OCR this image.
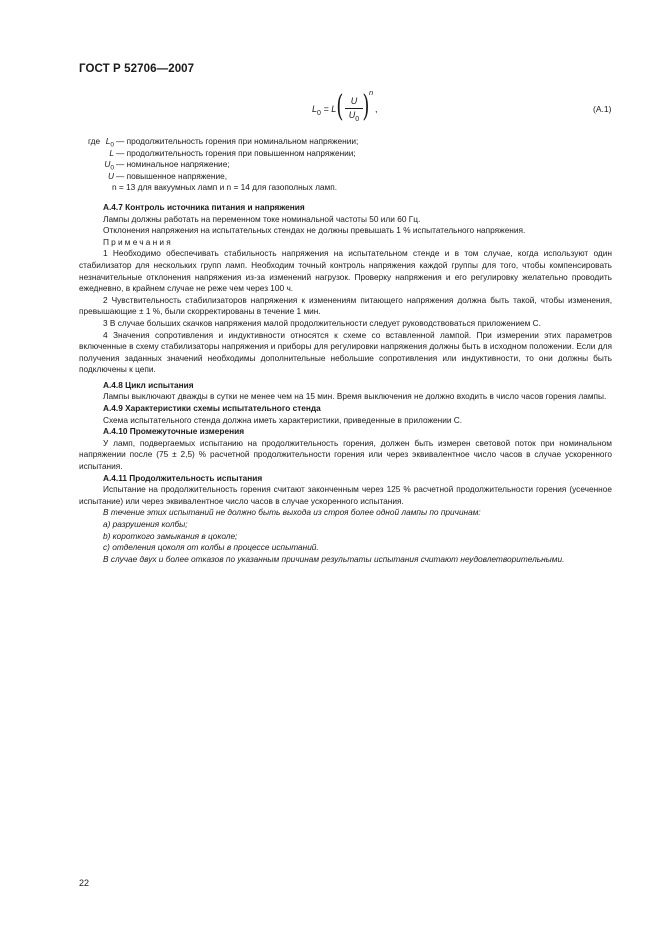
ГОСТ Р 52706—2007
$L_0 = L$ ( U
$U_0$ ) n
,	(А.1)
где $L_0$ — продолжительность горения при номинальном напряжении;
L — продолжительность горения при повышенном напряжении;
$U_0$ — номинальное напряжение;
U — повышенное напряжение,
n = 13 для вакуумных ламп и n = 14 для газополных ламп.

А.4.7 Контроль источника питания и напряжения

Лампы должны работать на переменном токе номинальной частоты 50 или 60 Гц.

Отклонения напряжения на испытательных стендах не должны превышать 1 % испытательного напряжения.

Примечания

1 Необходимо обеспечивать стабильность напряжения на испытательном стенде и в том случае, когда используют один стабилизатор для нескольких групп ламп. Необходим точный контроль напряжения каждой группы для того, чтобы компенсировать незначительные отклонения напряжения из-за изменений нагрузок. Проверку напряжения и его регулировку желательно проводить ежедневно, в крайнем случае не реже чем через 100 ч.

2 Чувствительность стабилизаторов напряжения к изменениям питающего напряжения должна быть такой, чтобы изменения, превышающие ± 1 %, были скорректированы в течение 1 мин.

3 В случае больших скачков напряжения малой продолжительности следует руководствоваться приложением С.

4 Значения сопротивления и индуктивности относятся к схеме со вставленной лампой. При измерении этих параметров включенные в схему стабилизаторы напряжения и приборы для регулировки напряжения должны быть в исходном положении. Если для получения заданных значений необходимы дополнительные небольшие сопротивления или индуктивности, то они должны быть подключены к цепи.

А.4.8 Цикл испытания

Лампы выключают дважды в сутки не менее чем на 15 мин. Время выключения не должно входить в число часов горения лампы.

А.4.9 Характеристики схемы испытательного стенда

Схема испытательного стенда должна иметь характеристики, приведенные в приложении С.

А.4.10 Промежуточные измерения

У ламп, подвергаемых испытанию на продолжительность горения, должен быть измерен световой поток при номинальном напряжении после (75 ± 2,5) % расчетной продолжительности горения или через эквивалентное число часов в случае ускоренного испытания.

А.4.11 Продолжительность испытания

Испытание на продолжительность горения считают законченным через 125 % расчетной продолжительности горения (усеченное испытание) или через эквивалентное число часов в случае ускоренного испытания.

В течение этих испытаний не должно быть выхода из строя более одной лампы по причинам:

а) разрушения колбы;

b) короткого замыкания в цоколе;

с) отделения цоколя от колбы в процессе испытаний.

В случае двух и более отказов по указанным причинам результаты испытания считают неудовлетворительными.

22
